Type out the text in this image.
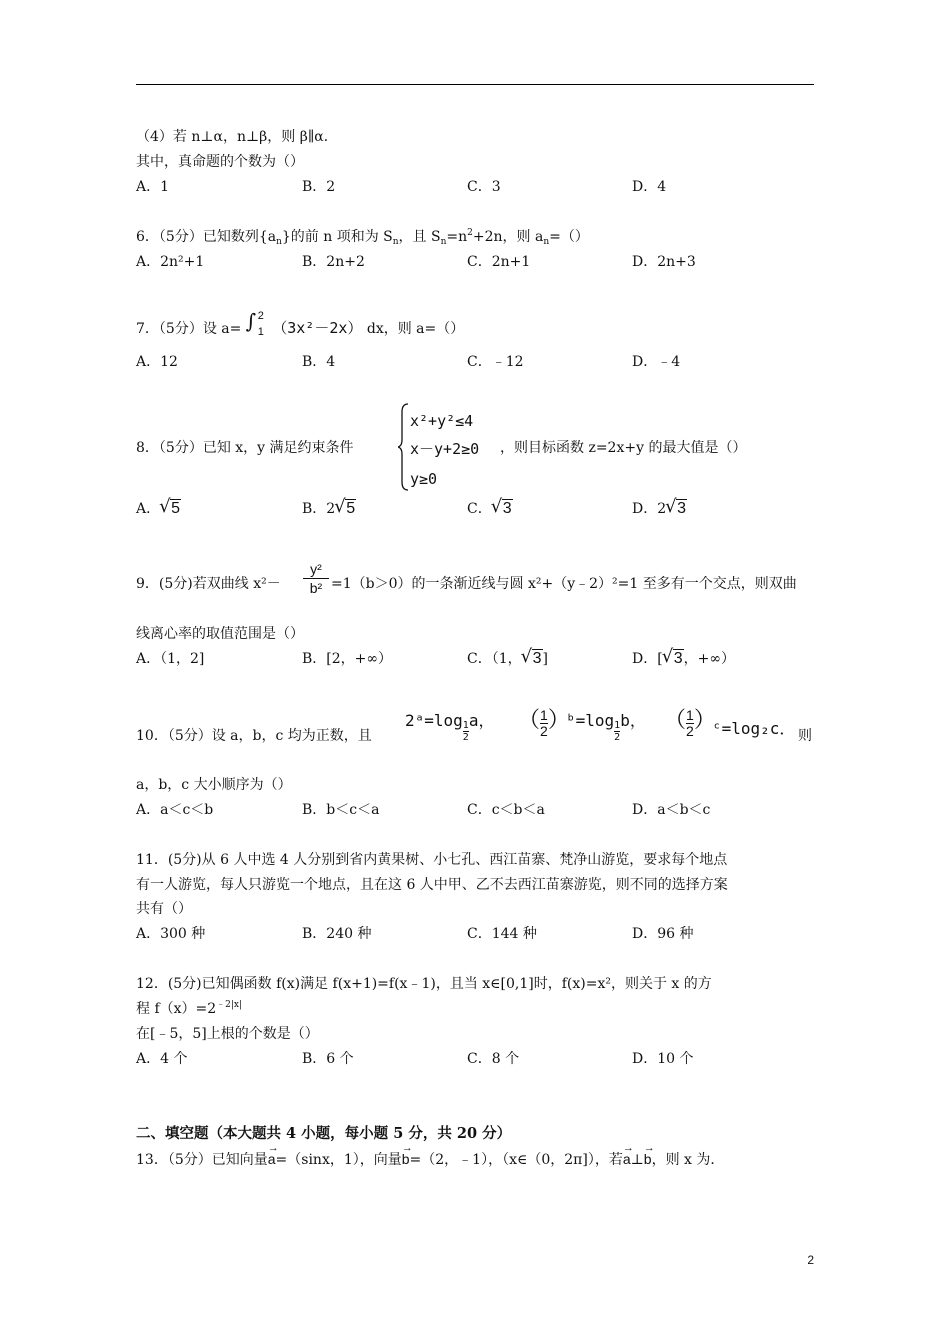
（4）若 n⊥α，n⊥β，则 β∥α．
其中，真命题的个数为（）
A．1	B．2	C．3	D．4
6．（5分）已知数列$\{a_n\}$的前 n 项和为 $S_n$，且 $S_n=n^2+2n$，则 $a_n=()$
A．2n²+1	B．2n+2	C．2n+1	D．2n+3
7．（5分）设 a= ∫ 2
1 （3x²－2x） dx，则 a=（）
A．12	B．4	C．﹣12	D．﹣4
8．（5分）已知 x，y 满足约束条件
x²+y²≤4
x－y+2≥0
y≥0
，则目标函数 z=2x+y 的最大值是（）
A． √ 5	B．2 √ 5	C． √ 3	D．2 √ 3
9．(5分)若双曲线 x²－
y²
b² =1（b＞0）的一条渐近线与圆 x²+（y﹣2）²=1 至多有一个交点，则双曲
线离心率的取值范围是（）
A．（1，2]	B．[2，+∞）	C．（1， √ 3]	D．[ √ 3，+∞）
10．（5分）设 a，b，c 均为正数，且
2ᵃ=log $\frac{1}{2}$ a， （ $\frac{1}{2}$ ）
ᵇ=log $\frac{1}{2}$ b， （ $\frac{1}{2}$ ）
ᶜ=log₂c． 则
a，b，c 大小顺序为（）
A．a＜c＜b	B．b＜c＜a	C．c＜b＜a	D．a＜b＜c
11．(5分)从 6 人中选 4 人分别到省内黄果树、小七孔、西江苗寨、梵净山游览，要求每个地点
有一人游览，每人只游览一个地点，且在这 6 人中甲、乙不去西江苗寨游览，则不同的选择方案
共有（）
A．300 种	B．240 种	C．144 种	D．96 种
12．(5分)已知偶函数 f(x)满足 f(x+1)=f(x﹣1)，且当 x∈[0,1]时，f(x)=x²，则关于 x 的方
程 $f(x)=2^{﹣2|x|}$
在[﹣5，5]上根的个数是（）
A．4 个	B．6 个	C．8 个	D．10 个
二、填空题（本大题共 4 小题，每小题 5 分，共 20 分）
13．（5分）已知向量
→
a=（sinx，1），向量
→
b=（2，﹣1），（x∈（0，2π]），若
→
a⊥
→
b，则 x 为．
2
